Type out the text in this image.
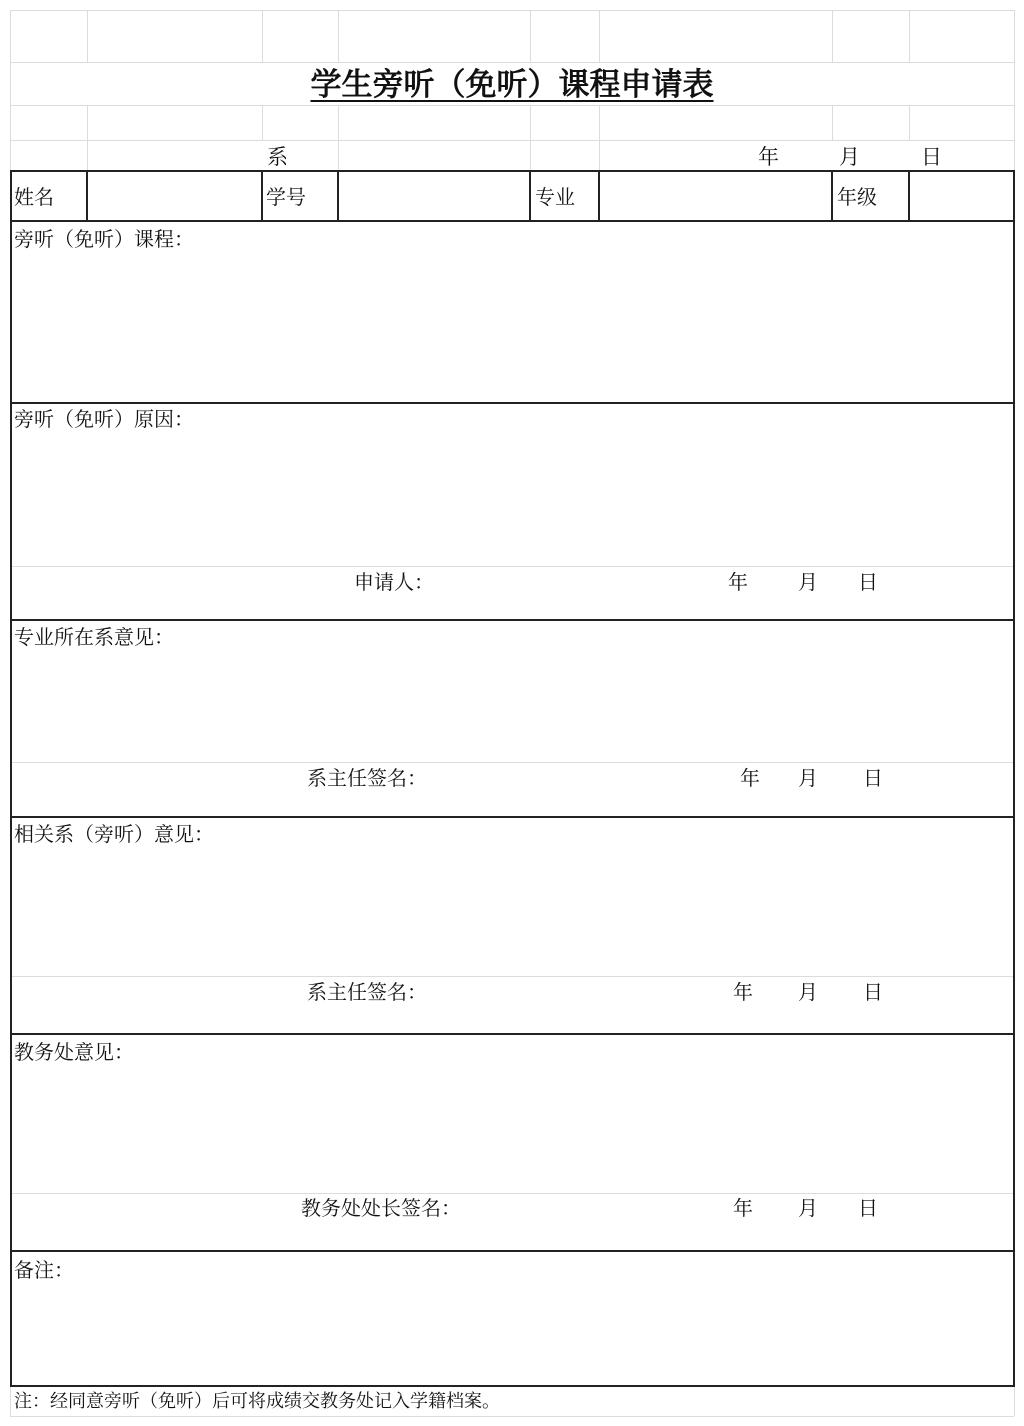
学生旁听（免听）课程申请表
系	年	月	日
姓名	学号	专业	年级
旁听（免听）课程：
旁听（免听）原因：
申请人：	年	月 日
专业所在系意见：
系主任签名：	年 月 日
相关系（旁听）意见：
系主任签名：	年 月 日
教务处意见：
教务处处长签名：	年 月 日
备注：
注：经同意旁听（免听）后可将成绩交教务处记入学籍档案。
